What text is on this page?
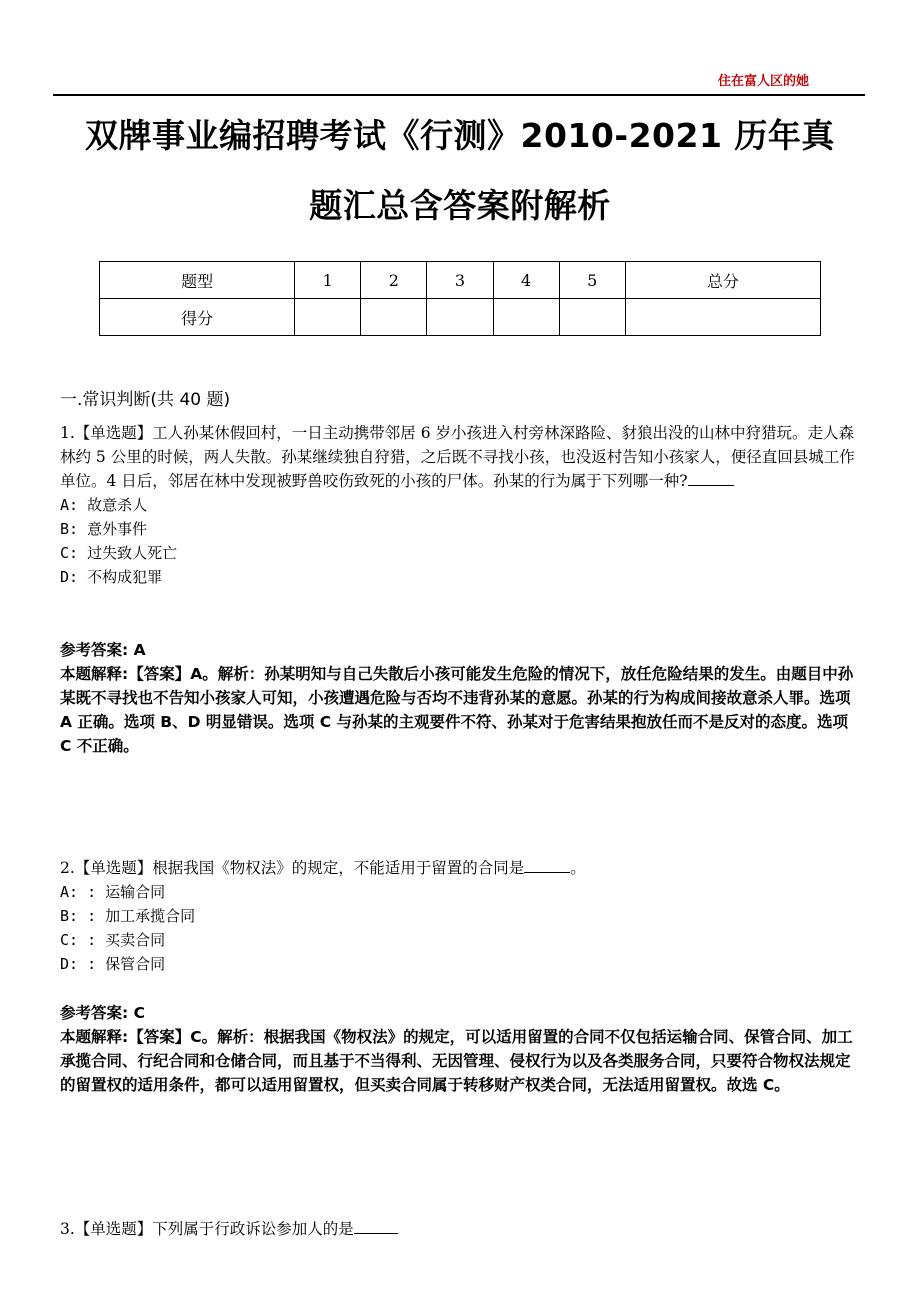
住在富人区的她
双牌事业编招聘考试《行测》2010-2021 历年真
题汇总含答案附解析
题型	1	2	3	4	5	总分
得分						
一.常识判断(共 40 题)

1.【单选题】工人孙某休假回村，一日主动携带邻居 6 岁小孩进入村旁林深路险、豺狼出没的山林中狩猎玩。走人森林约 5 公里的时候，两人失散。孙某继续独自狩猎，之后既不寻找小孩，也没返村告知小孩家人，便径直回县城工作单位。4 日后，邻居在林中发现被野兽咬伤致死的小孩的尸体。孙某的行为属于下列哪一种?

A: 故意杀人
B: 意外事件
C: 过失致人死亡
D: 不构成犯罪

参考答案: A

本题解释:【答案】A。解析：孙某明知与自己失散后小孩可能发生危险的情况下，放任危险结果的发生。由题目中孙某既不寻找也不告知小孩家人可知，小孩遭遇危险与否均不违背孙某的意愿。孙某的行为构成间接故意杀人罪。选项 A 正确。选项 B、D 明显错误。选项 C 与孙某的主观要件不符、孙某对于危害结果抱放任而不是反对的态度。选项 C 不正确。

2.【单选题】根据我国《物权法》的规定，不能适用于留置的合同是	。

A: : 运输合同
B: : 加工承揽合同
C: : 买卖合同
D: : 保管合同

参考答案: C

本题解释:【答案】C。解析：根据我国《物权法》的规定，可以适用留置的合同不仅包括运输合同、保管合同、加工承揽合同、行纪合同和仓储合同，而且基于不当得利、无因管理、侵权行为以及各类服务合同，只要符合物权法规定的留置权的适用条件，都可以适用留置权，但买卖合同属于转移财产权类合同，无法适用留置权。故选 C。

3.【单选题】下列属于行政诉讼参加人的是
